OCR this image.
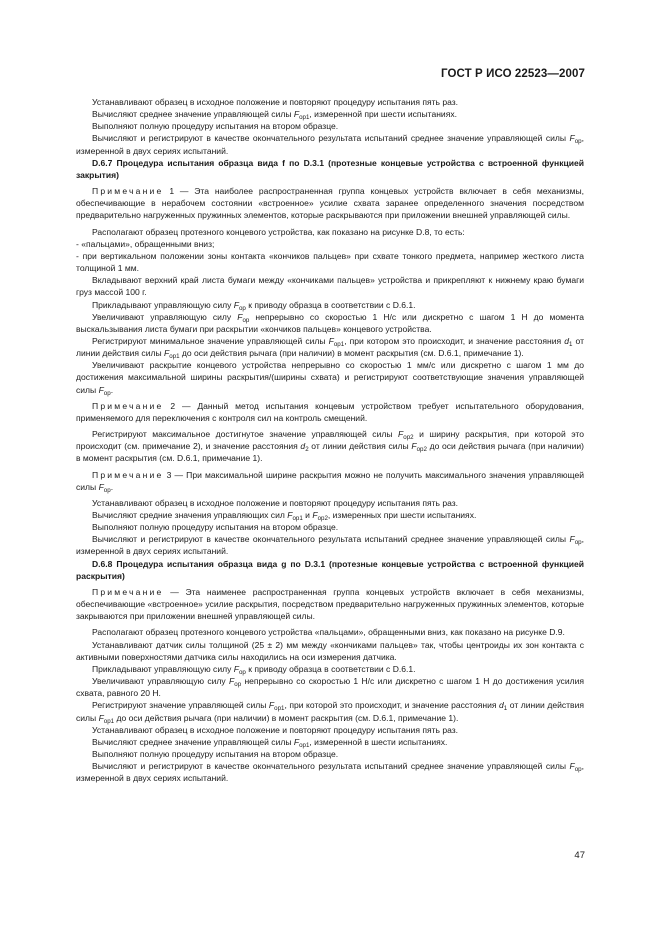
ГОСТ Р ИСО 22523—2007

Устанавливают образец в исходное положение и повторяют процедуру испытания пять раз.

Вычисляют среднее значение управляющей силы $F_{op1}$, измеренной при шести испытаниях.

Выполняют полную процедуру испытания на втором образце.

Вычисляют и регистрируют в качестве окончательного результата испытаний среднее значение управляющей силы $F_{op}$, измеренной в двух сериях испытаний.

D.6.7 Процедура испытания образца вида f по D.3.1 (протезные концевые устройства с встроенной функцией закрытия)

Примечание 1 — Эта наиболее распространенная группа концевых устройств включает в себя механизмы, обеспечивающие в нерабочем состоянии «встроенное» усилие схвата заранее определенного значения посредством предварительно нагруженных пружинных элементов, которые раскрываются при приложении внешней управляющей силы.

Располагают образец протезного концевого устройства, как показано на рисунке D.8, то есть:

- «пальцами», обращенными вниз;

- при вертикальном положении зоны контакта «кончиков пальцев» при схвате тонкого предмета, например жесткого листа толщиной 1 мм.

Вкладывают верхний край листа бумаги между «кончиками пальцев» устройства и прикрепляют к нижнему краю бумаги груз массой 100 г.

Прикладывают управляющую силу $F_{op}$ к приводу образца в соответствии с D.6.1.

Увеличивают управляющую силу $F_{op}$ непрерывно со скоростью 1 Н/с или дискретно с шагом 1 Н до момента выскальзывания листа бумаги при раскрытии «кончиков пальцев» концевого устройства.

Регистрируют минимальное значение управляющей силы $F_{op1}$, при котором это происходит, и значение расстояния $d_1$ от линии действия силы $F_{op1}$ до оси действия рычага (при наличии) в момент раскрытия (см. D.6.1, примечание 1).

Увеличивают раскрытие концевого устройства непрерывно со скоростью 1 мм/с или дискретно с шагом 1 мм до достижения максимальной ширины раскрытия/(ширины схвата) и регистрируют соответствующие значения управляющей силы $F_{op}$.

Примечание 2 — Данный метод испытания концевым устройством требует испытательного оборудования, применяемого для переключения с контроля сил на контроль смещений.

Регистрируют максимальное достигнутое значение управляющей силы $F_{op2}$ и ширину раскрытия, при которой это происходит (см. примечание 2), и значение расстояния $d_2$ от линии действия силы $F_{op2}$ до оси действия рычага (при наличии) в момент раскрытия (см. D.6.1, примечание 1).

Примечание 3 — При максимальной ширине раскрытия можно не получить максимального значения управляющей силы $F_{op}$.

Устанавливают образец в исходное положение и повторяют процедуру испытания пять раз.

Вычисляют средние значения управляющих сил $F_{op1}$ и $F_{op2}$, измеренных при шести испытаниях.

Выполняют полную процедуру испытания на втором образце.

Вычисляют и регистрируют в качестве окончательного результата испытаний среднее значение управляющей силы $F_{op}$, измеренной в двух сериях испытаний.

D.6.8 Процедура испытания образца вида g по D.3.1 (протезные концевые устройства с встроенной функцией раскрытия)

Примечание — Эта наименее распространенная группа концевых устройств включает в себя механизмы, обеспечивающие «встроенное» усилие раскрытия, посредством предварительно нагруженных пружинных элементов, которые закрываются при приложении внешней управляющей силы.

Располагают образец протезного концевого устройства «пальцами», обращенными вниз, как показано на рисунке D.9.

Устанавливают датчик силы толщиной (25 ± 2) мм между «кончиками пальцев» так, чтобы центроиды их зон контакта с активными поверхностями датчика силы находились на оси измерения датчика.

Прикладывают управляющую силу $F_{op}$ к приводу образца в соответствии с D.6.1.

Увеличивают управляющую силу $F_{op}$ непрерывно со скоростью 1 Н/с или дискретно с шагом 1 Н до достижения усилия схвата, равного 20 Н.

Регистрируют значение управляющей силы $F_{op1}$, при которой это происходит, и значение расстояния $d_1$ от линии действия силы $F_{op1}$ до оси действия рычага (при наличии) в момент раскрытия (см. D.6.1, примечание 1).

Устанавливают образец в исходное положение и повторяют процедуру испытания пять раз.

Вычисляют среднее значение управляющей силы $F_{op1}$, измеренной в шести испытаниях.

Выполняют полную процедуру испытания на втором образце.

Вычисляют и регистрируют в качестве окончательного результата испытаний среднее значение управляющей силы $F_{op}$, измеренной в двух сериях испытаний.

47
